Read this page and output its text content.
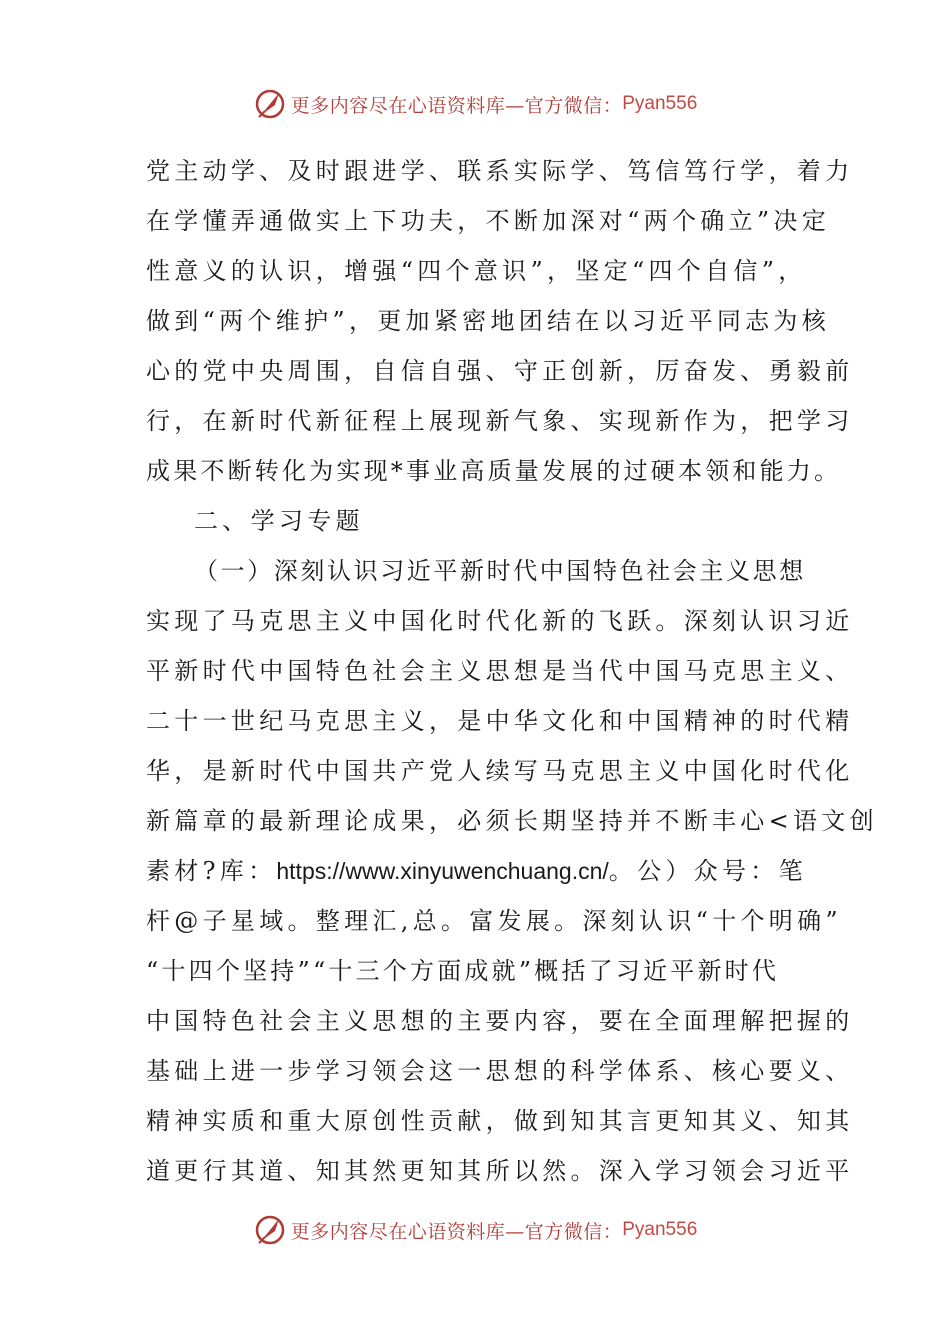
更多内容尽在心语资料库—官方微信： Pyan556
党主动学、及时跟进学、联系实际学、笃信笃行学，着力
在学懂弄通做实上下功夫，不断加深对“两个确立”决定
性意义的认识，增强“四个意识”，坚定“四个自信”，
做到“两个维护”，更加紧密地团结在以习近平同志为核
心的党中央周围，自信自强、守正创新，厉奋发、勇毅前
行，在新时代新征程上展现新气象、实现新作为，把学习
成果不断转化为实现*事业高质量发展的过硬本领和能力。
二、学习专题
（一）深刻认识习近平新时代中国特色社会主义思想
实现了马克思主义中国化时代化新的飞跃。深刻认识习近
平新时代中国特色社会主义思想是当代中国马克思主义、
二十一世纪马克思主义，是中华文化和中国精神的时代精
华，是新时代中国共产党人续写马克思主义中国化时代化
新篇章的最新理论成果，必须长期坚持并不断丰心<语文创
素材?库：https://www.xinyuwenchuang.cn/。公）众号：笔
杆@子星域。整理汇,总。富发展。深刻认识“十个明确”
“十四个坚持”“十三个方面成就”概括了习近平新时代
中国特色社会主义思想的主要内容，要在全面理解把握的
基础上进一步学习领会这一思想的科学体系、核心要义、
精神实质和重大原创性贡献，做到知其言更知其义、知其
道更行其道、知其然更知其所以然。深入学习领会习近平
更多内容尽在心语资料库—官方微信： Pyan556
